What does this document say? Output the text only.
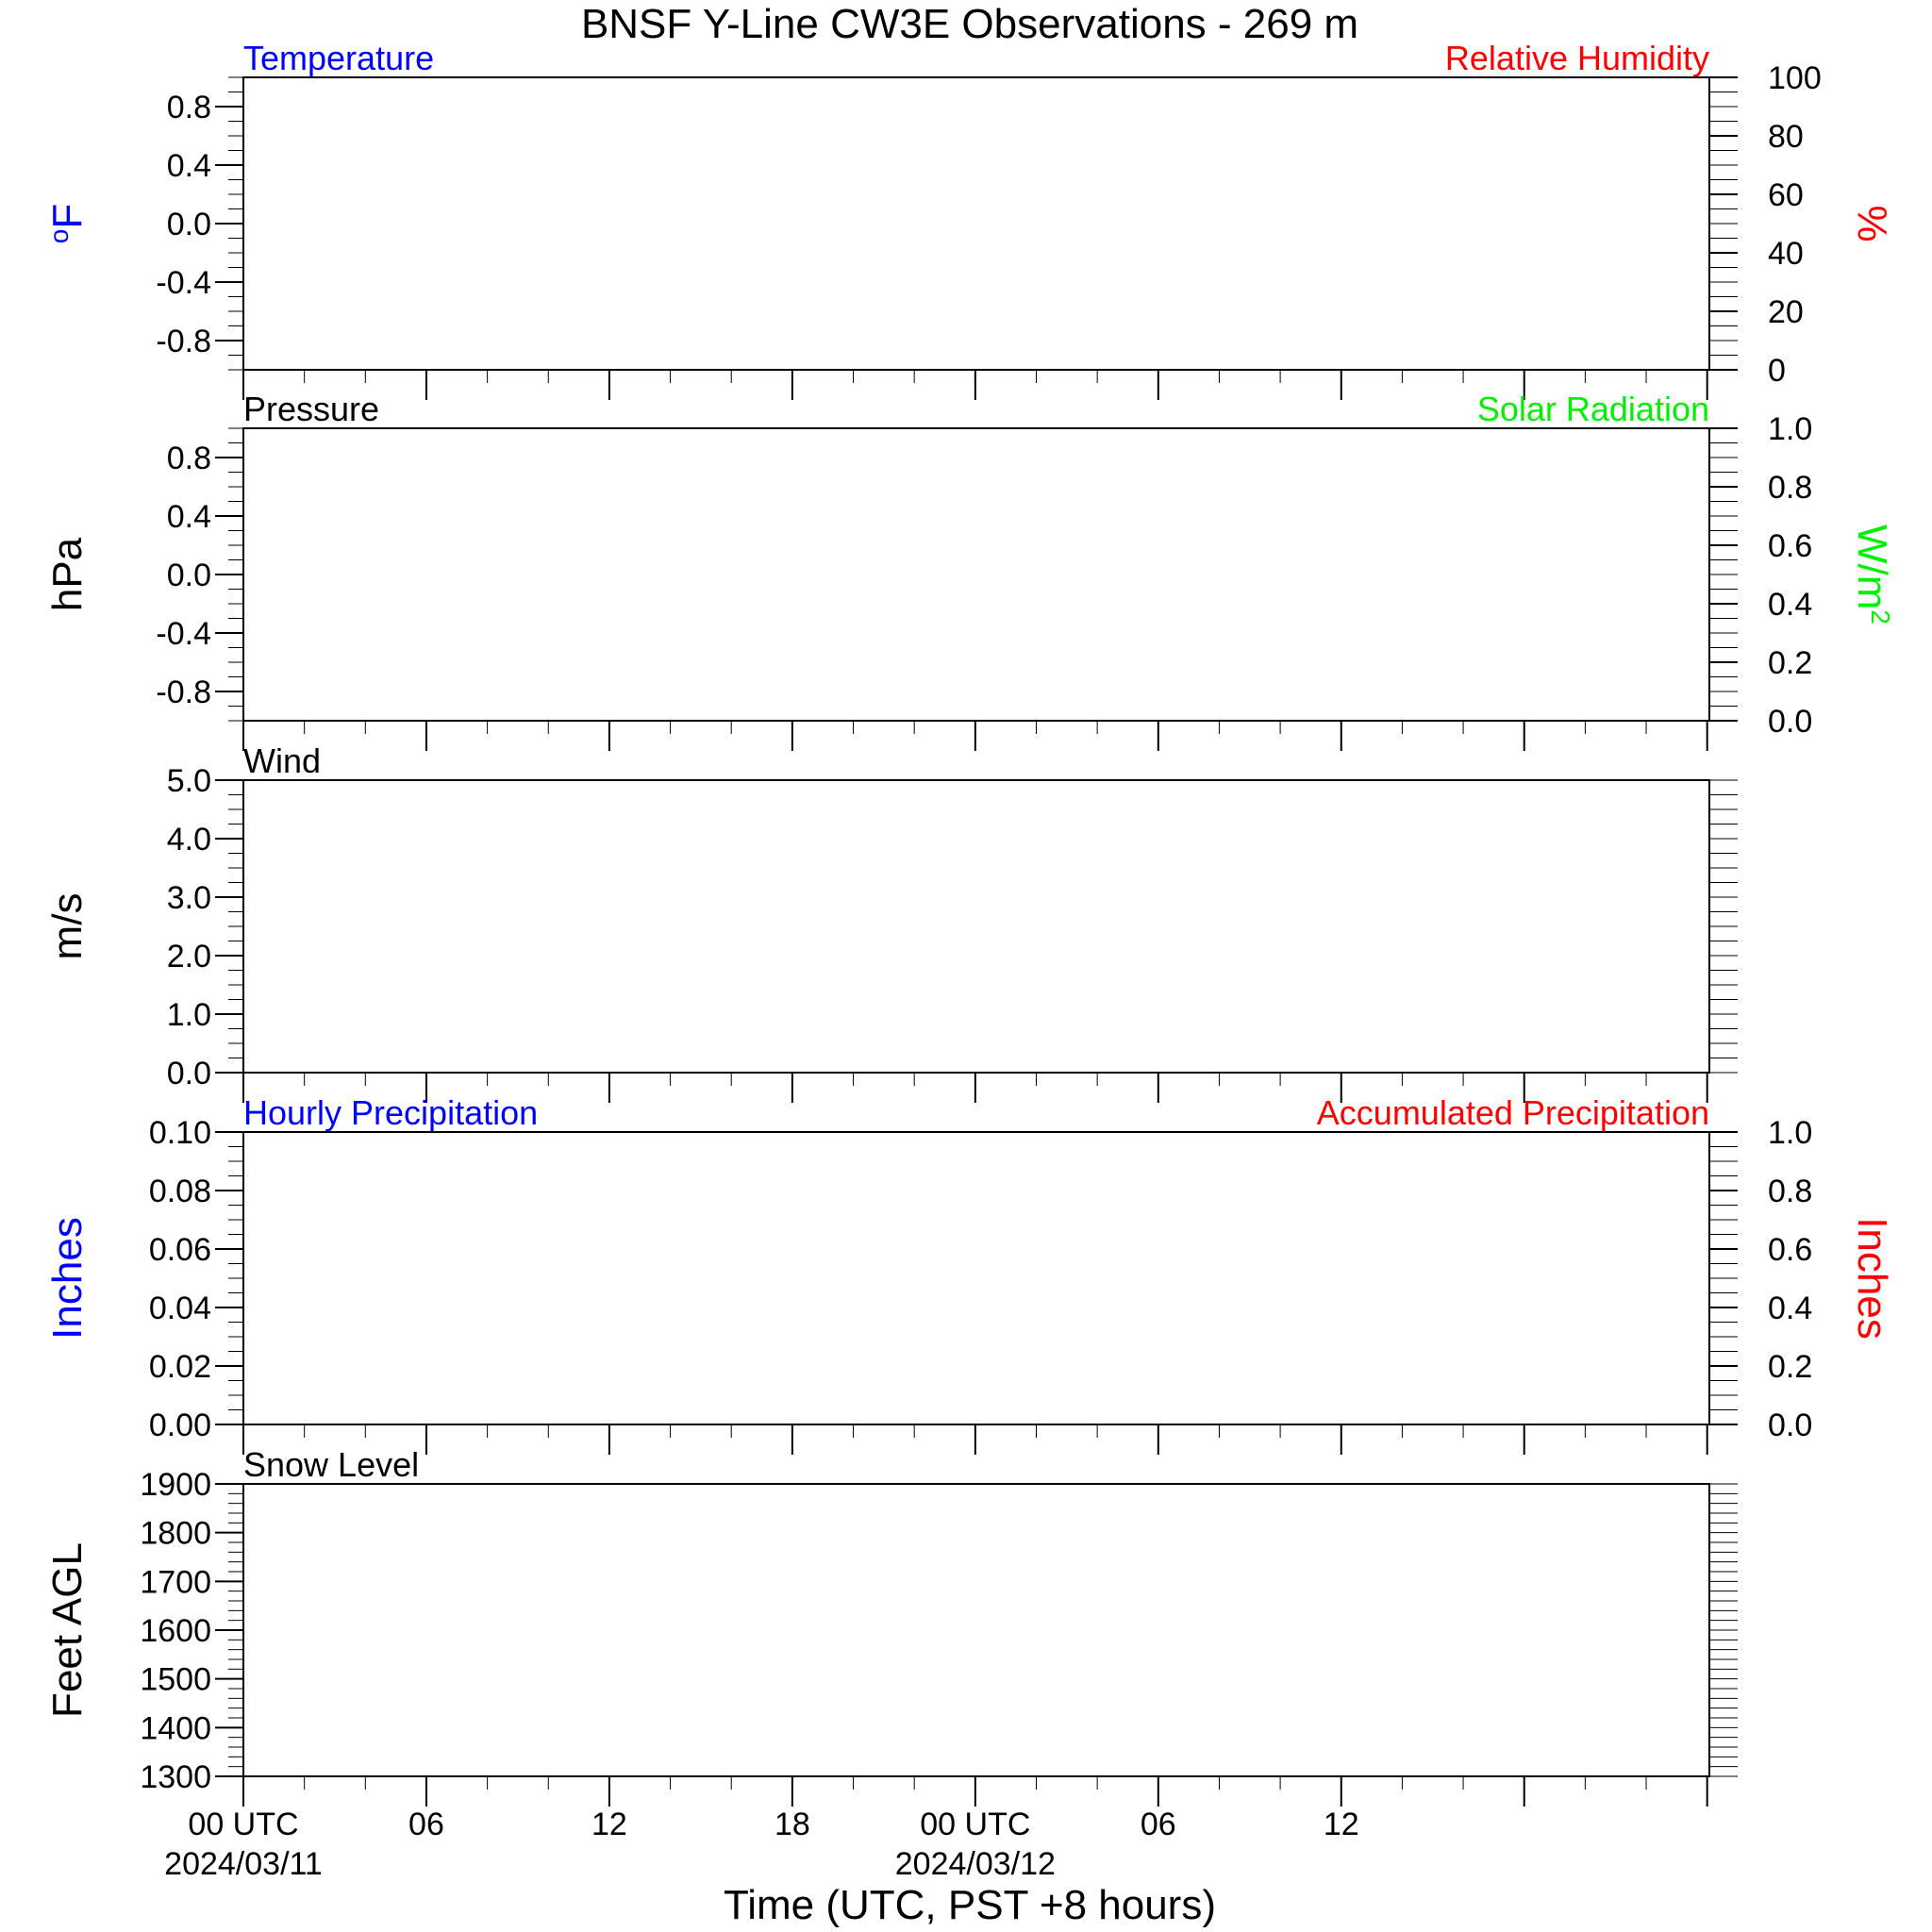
BNSF Y-Line CW3E Observations - 269 m
0.8
0.4
0.0
-0.4
-0.8
100
80
60
40
20
0
Temperature	Relative Humidity
$^o$F	%
0.8
0.4
0.0
-0.4
-0.8
1.0
0.8
0.6
0.4
0.2
0.0
Pressure	Solar Radiation
hPa	$W/m^2$
5.0
4.0
3.0
2.0
1.0
0.0
Wind
m/s
0.10
0.08
0.06
0.04
0.02
0.00
1.0
0.8
0.6
0.4
0.2
0.0
Hourly Precipitation	Accumulated Precipitation
Inches	Inches
1900
1800
1700
1600
1500
1400
1300
Snow Level
Feet AGL
00 UTC
2024/03/11
06	12	18	00 UTC
2024/03/12
06	12
Time (UTC, PST +8 hours)
